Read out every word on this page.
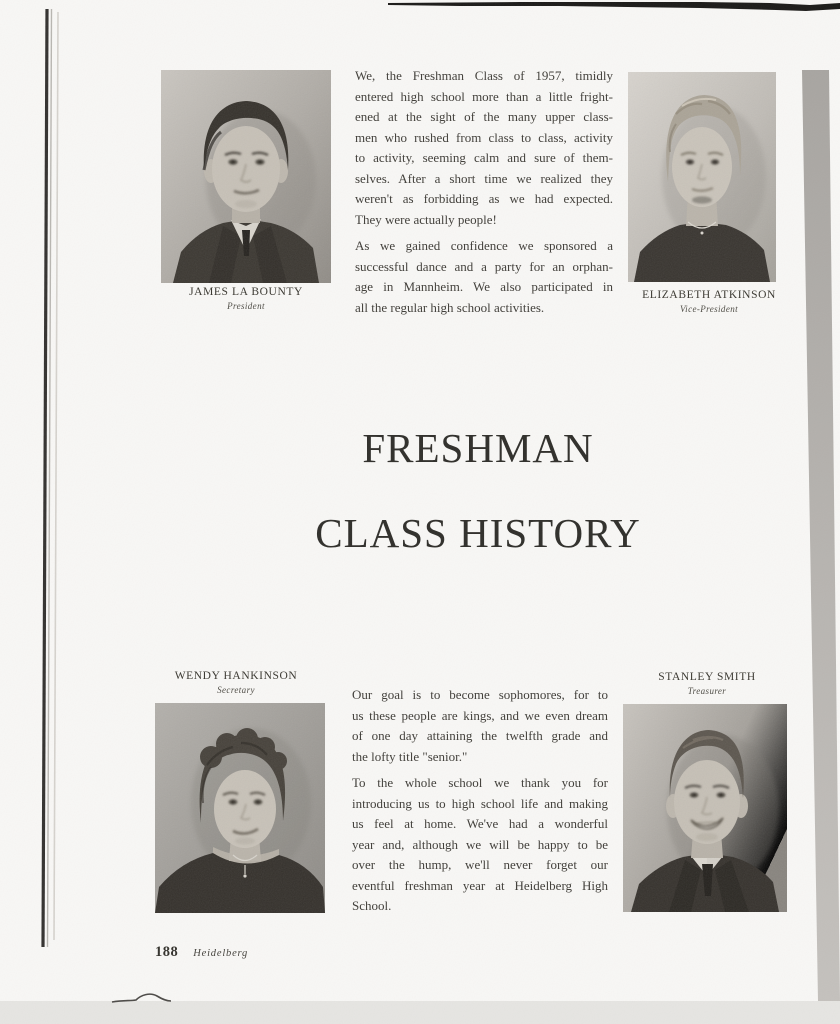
JAMES LA BOUNTY
President
ELIZABETH ATKINSON
Vice-President
We, the Freshman Class of 1957, timidly
entered high school more than a little fright-
ened at the sight of the many upper class-
men who rushed from class to class, activity
to activity, seeming calm and sure of them-
selves. After a short time we realized they
weren't as forbidding as we had expected.
They were actually people!
As we gained confidence we sponsored a
successful dance and a party for an orphan-
age in Mannheim. We also participated in
all the regular high school activities.
FRESHMAN
CLASS HISTORY
WENDY HANKINSON
Secretary
STANLEY SMITH
Treasurer
Our goal is to become sophomores, for to
us these people are kings, and we even dream
of one day attaining the twelfth grade and
the lofty title "senior."
To the whole school we thank you for
introducing us to high school life and making
us feel at home. We've had a wonderful
year and, although we will be happy to be
over the hump, we'll never forget our
eventful freshman year at Heidelberg High
School.
188 Heidelberg
